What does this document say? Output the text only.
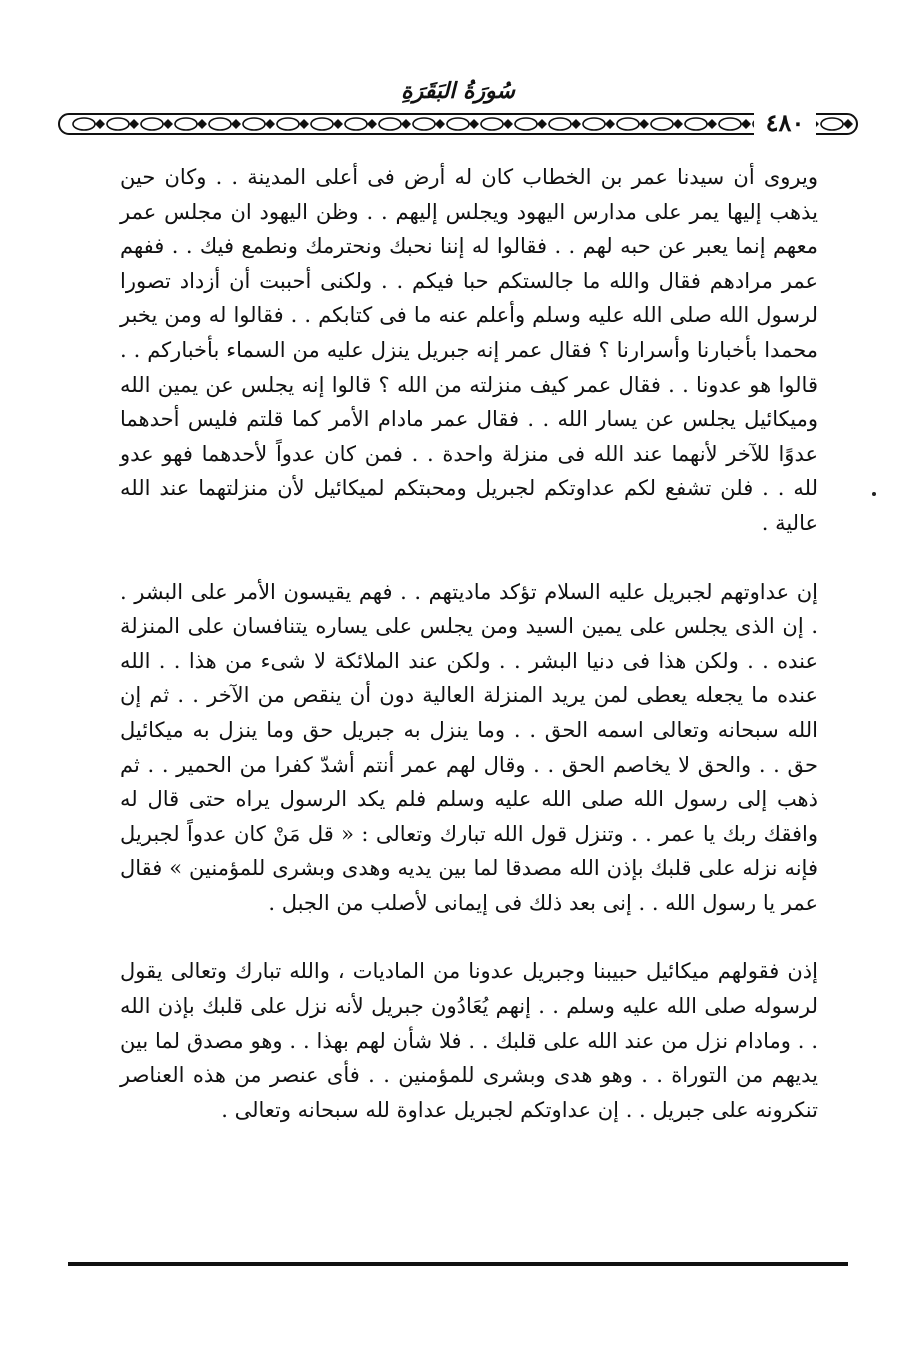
سُورَةُ البَقَرَةِ
٤٨٠

ويروى أن سيدنا عمر بن الخطاب كان له أرض فى أعلى المدينة . . وكان حين يذهب إليها يمر على مدارس اليهود ويجلس إليهم . . وظن اليهود ان مجلس عمر معهم إنما يعبر عن حبه لهم . . فقالوا له إننا نحبك ونحترمك ونطمع فيك . . ففهم عمر مرادهم فقال والله ما جالستكم حبا فيكم . . ولكنى أحببت أن أزداد تصورا لرسول الله صلى الله عليه وسلم وأعلم عنه ما فى كتابكم . . فقالوا له ومن يخبر محمدا بأخبارنا وأسرارنا ؟ فقال عمر إنه جبريل ينزل عليه من السماء بأخباركم . . قالوا هو عدونا . . فقال عمر كيف منزلته من الله ؟ قالوا إنه يجلس عن يمين الله وميكائيل يجلس عن يسار الله . . فقال عمر مادام الأمر كما قلتم فليس أحدهما عدوًا للآخر لأنهما عند الله فى منزلة واحدة . . فمن كان عدواً لأحدهما فهو عدو لله . . فلن تشفع لكم عداوتكم لجبريل ومحبتكم لميكائيل لأن منزلتهما عند الله عالية .

إن عداوتهم لجبريل عليه السلام تؤكد ماديتهم . . فهم يقيسون الأمر على البشر . . إن الذى يجلس على يمين السيد ومن يجلس على يساره يتنافسان على المنزلة عنده . . ولكن هذا فى دنيا البشر . . ولكن عند الملائكة لا شىء من هذا . . الله عنده ما يجعله يعطى لمن يريد المنزلة العالية دون أن ينقص من الآخر . . ثم إن الله سبحانه وتعالى اسمه الحق . . وما ينزل به جبريل حق وما ينزل به ميكائيل حق . . والحق لا يخاصم الحق . . وقال لهم عمر أنتم أشدّ كفرا من الحمير . . ثم ذهب إلى رسول الله صلى الله عليه وسلم فلم يكد الرسول يراه حتى قال له وافقك ربك يا عمر . . وتنزل قول الله تبارك وتعالى : « قل مَنْ كان عدواً لجبريل فإنه نزله على قلبك بإذن الله مصدقا لما بين يديه وهدى وبشرى للمؤمنين » فقال عمر يا رسول الله . . إنى بعد ذلك فى إيمانى لأصلب من الجبل .

إذن فقولهم ميكائيل حبيبنا وجبريل عدونا من الماديات ، والله تبارك وتعالى يقول لرسوله صلى الله عليه وسلم . . إنهم يُعَادُون جبريل لأنه نزل على قلبك بإذن الله . . ومادام نزل من عند الله على قلبك . . فلا شأن لهم بهذا . . وهو مصدق لما بين يديهم من التوراة . . وهو هدى وبشرى للمؤمنين . . فأى عنصر من هذه العناصر تنكرونه على جبريل . . إن عداوتكم لجبريل عداوة لله سبحانه وتعالى .
